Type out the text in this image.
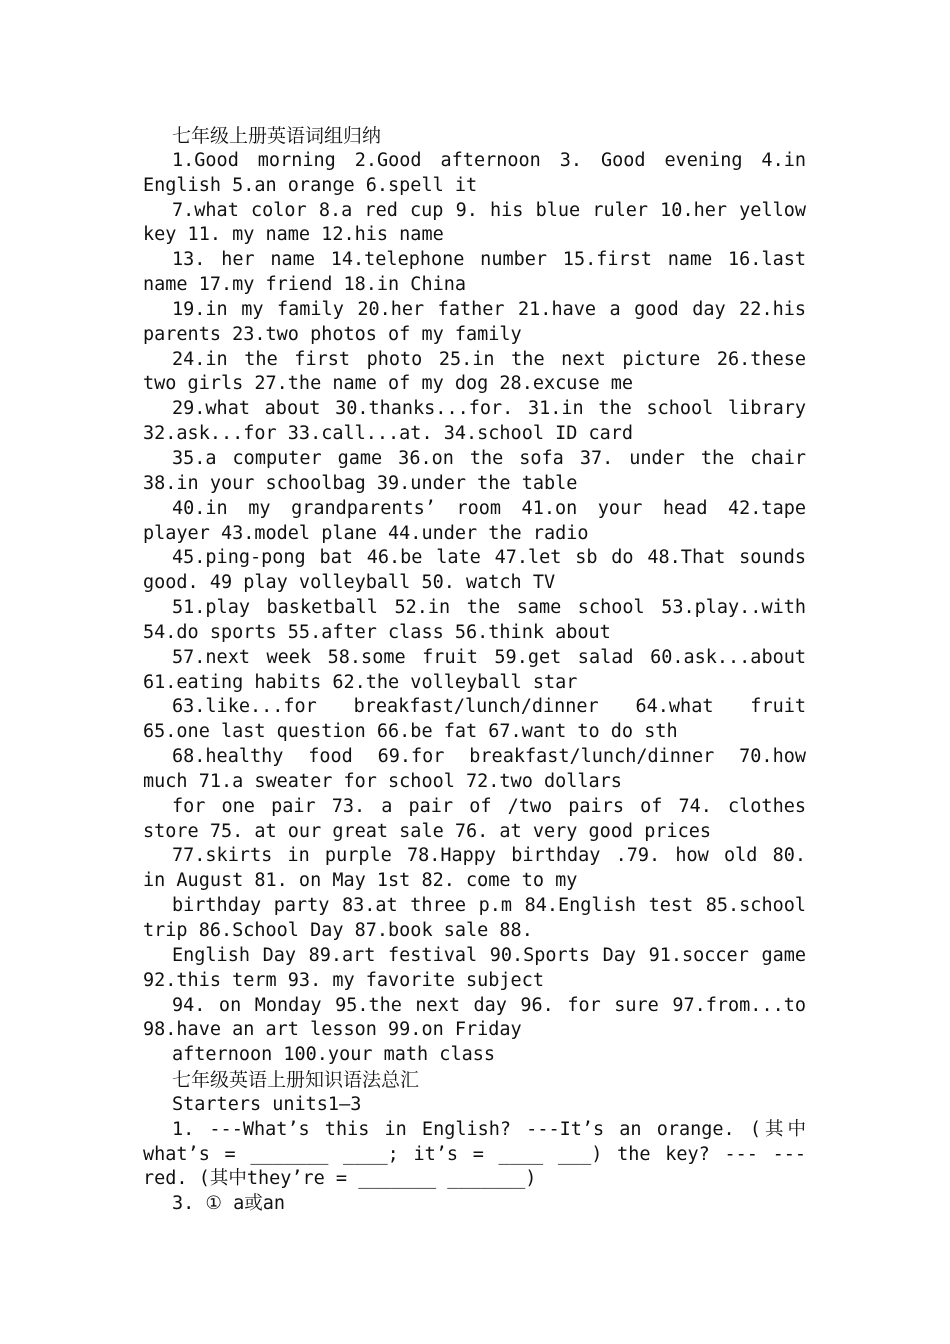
七年级上册英语词组归纳

1.Good morning 2.Good afternoon 3. Good evening 4.in English 5.an orange 6.spell it

7.what color 8.a red cup 9. his blue ruler 10.her yellow key 11. my name 12.his name

13. her name 14.telephone number 15.first name 16.last name 17.my friend 18.in China

19.in my family 20.her father 21.have a good day 22.his parents 23.two photos of my family

24.in the first photo 25.in the next picture 26.these two girls 27.the name of my dog 28.excuse me

29.what about 30.thanks...for. 31.in the school library 32.ask...for 33.call...at. 34.school ID card

35.a computer game 36.on the sofa 37. under the chair 38.in your schoolbag 39.under the table

40.in my grandparents’ room 41.on your head 42.tape player 43.model plane 44.under the radio

45.ping-pong bat 46.be late 47.let sb do 48.That sounds good. 49 play volleyball 50. watch TV

51.play basketball 52.in the same school 53.play..with 54.do sports 55.after class 56.think about

57.next week 58.some fruit 59.get salad 60.ask...about 61.eating habits 62.the volleyball star

63.like...for breakfast/lunch/dinner 64.what fruit 65.one last question 66.be fat 67.want to do sth

68.healthy food 69.for breakfast/lunch/dinner 70.how much 71.a sweater for school 72.two dollars

for one pair 73. a pair of /two pairs of 74. clothes store 75. at our great sale 76. at very good prices

77.skirts in purple 78.Happy birthday .79. how old 80. in August 81. on May 1st 82. come to my

birthday party 83.at three p.m 84.English test 85.school trip 86.School Day 87.book sale 88.

English Day 89.art festival 90.Sports Day 91.soccer game 92.this term 93. my favorite subject

94. on Monday 95.the next day 96. for sure 97.from...to 98.have an art lesson 99.on Friday

afternoon 100.your math class

七年级英语上册知识语法总汇

Starters units1—3

1. ---What’s this in English? ---It’s an orange. (其中what’s = _______ ____; it’s = ____ ___) the key? --- ---red. (其中they’re = _______ _______)

3. ① a或an
